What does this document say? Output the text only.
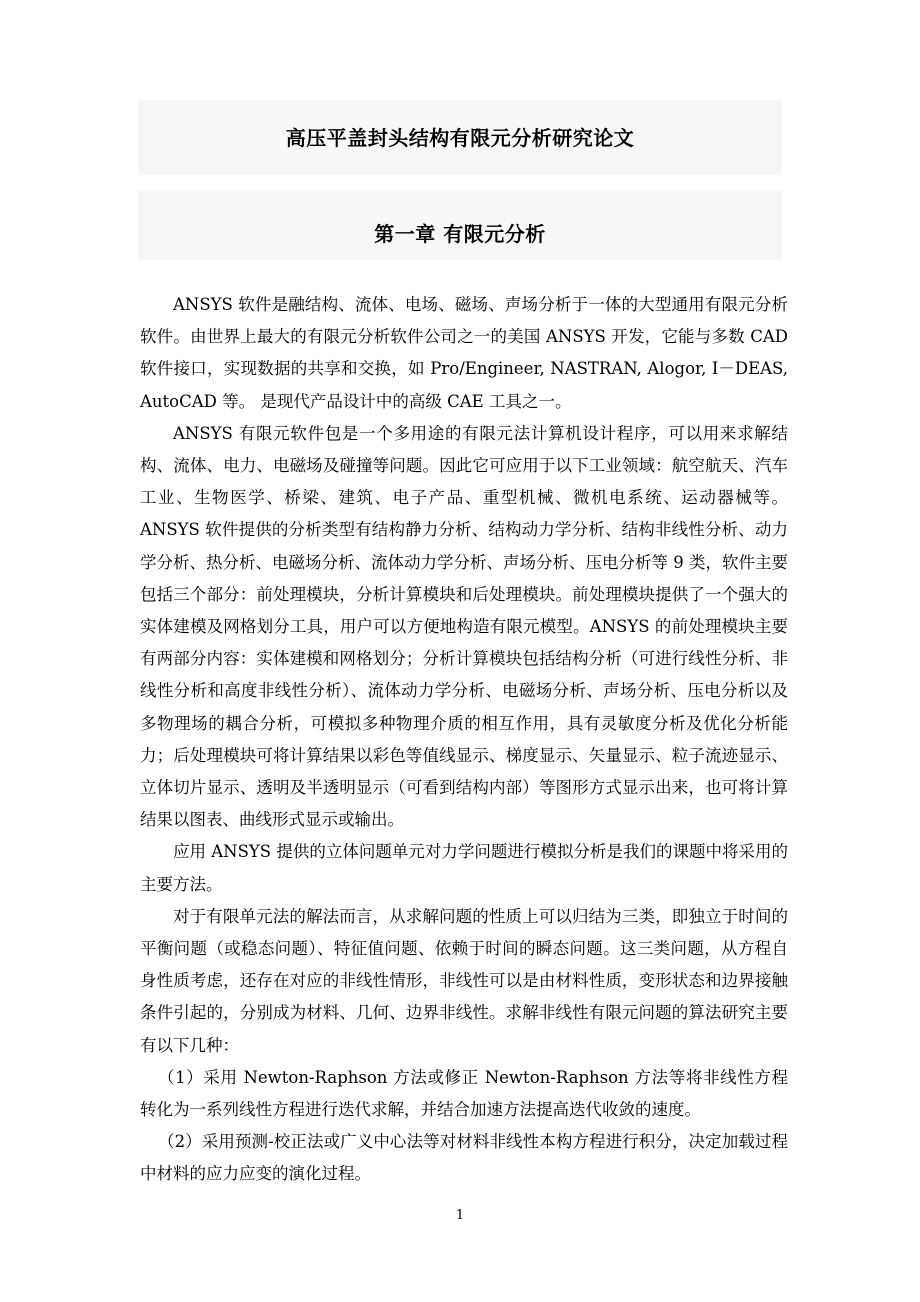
高压平盖封头结构有限元分析研究论文
第一章 有限元分析

ANSYS 软件是融结构、流体、电场、磁场、声场分析于一体的大型通用有限元分析软件。由世界上最大的有限元分析软件公司之一的美国 ANSYS 开发，它能与多数 CAD 软件接口，实现数据的共享和交换，如 Pro/Engineer, NASTRAN, Alogor, I－DEAS, AutoCAD 等。 是现代产品设计中的高级 CAE 工具之一。

ANSYS 有限元软件包是一个多用途的有限元法计算机设计程序，可以用来求解结构、流体、电力、电磁场及碰撞等问题。因此它可应用于以下工业领域：航空航天、汽车工业、生物医学、桥梁、建筑、电子产品、重型机械、微机电系统、运动器械等。ANSYS 软件提供的分析类型有结构静力分析、结构动力学分析、结构非线性分析、动力学分析、热分析、电磁场分析、流体动力学分析、声场分析、压电分析等 9 类，软件主要包括三个部分：前处理模块，分析计算模块和后处理模块。前处理模块提供了一个强大的实体建模及网格划分工具，用户可以方便地构造有限元模型。ANSYS 的前处理模块主要有两部分内容：实体建模和网格划分；分析计算模块包括结构分析（可进行线性分析、非线性分析和高度非线性分析）、流体动力学分析、电磁场分析、声场分析、压电分析以及多物理场的耦合分析，可模拟多种物理介质的相互作用，具有灵敏度分析及优化分析能力；后处理模块可将计算结果以彩色等值线显示、梯度显示、矢量显示、粒子流迹显示、立体切片显示、透明及半透明显示（可看到结构内部）等图形方式显示出来，也可将计算结果以图表、曲线形式显示或输出。

应用 ANSYS 提供的立体问题单元对力学问题进行模拟分析是我们的课题中将采用的主要方法。

对于有限单元法的解法而言，从求解问题的性质上可以归结为三类，即独立于时间的平衡问题（或稳态问题）、特征值问题、依赖于时间的瞬态问题。这三类问题，从方程自身性质考虑，还存在对应的非线性情形，非线性可以是由材料性质，变形状态和边界接触条件引起的，分别成为材料、几何、边界非线性。求解非线性有限元问题的算法研究主要有以下几种：

（1）采用 Newton-Raphson 方法或修正 Newton-Raphson 方法等将非线性方程转化为一系列线性方程进行迭代求解，并结合加速方法提高迭代收敛的速度。

（2）采用预测-校正法或广义中心法等对材料非线性本构方程进行积分，决定加载过程中材料的应力应变的演化过程。

1
